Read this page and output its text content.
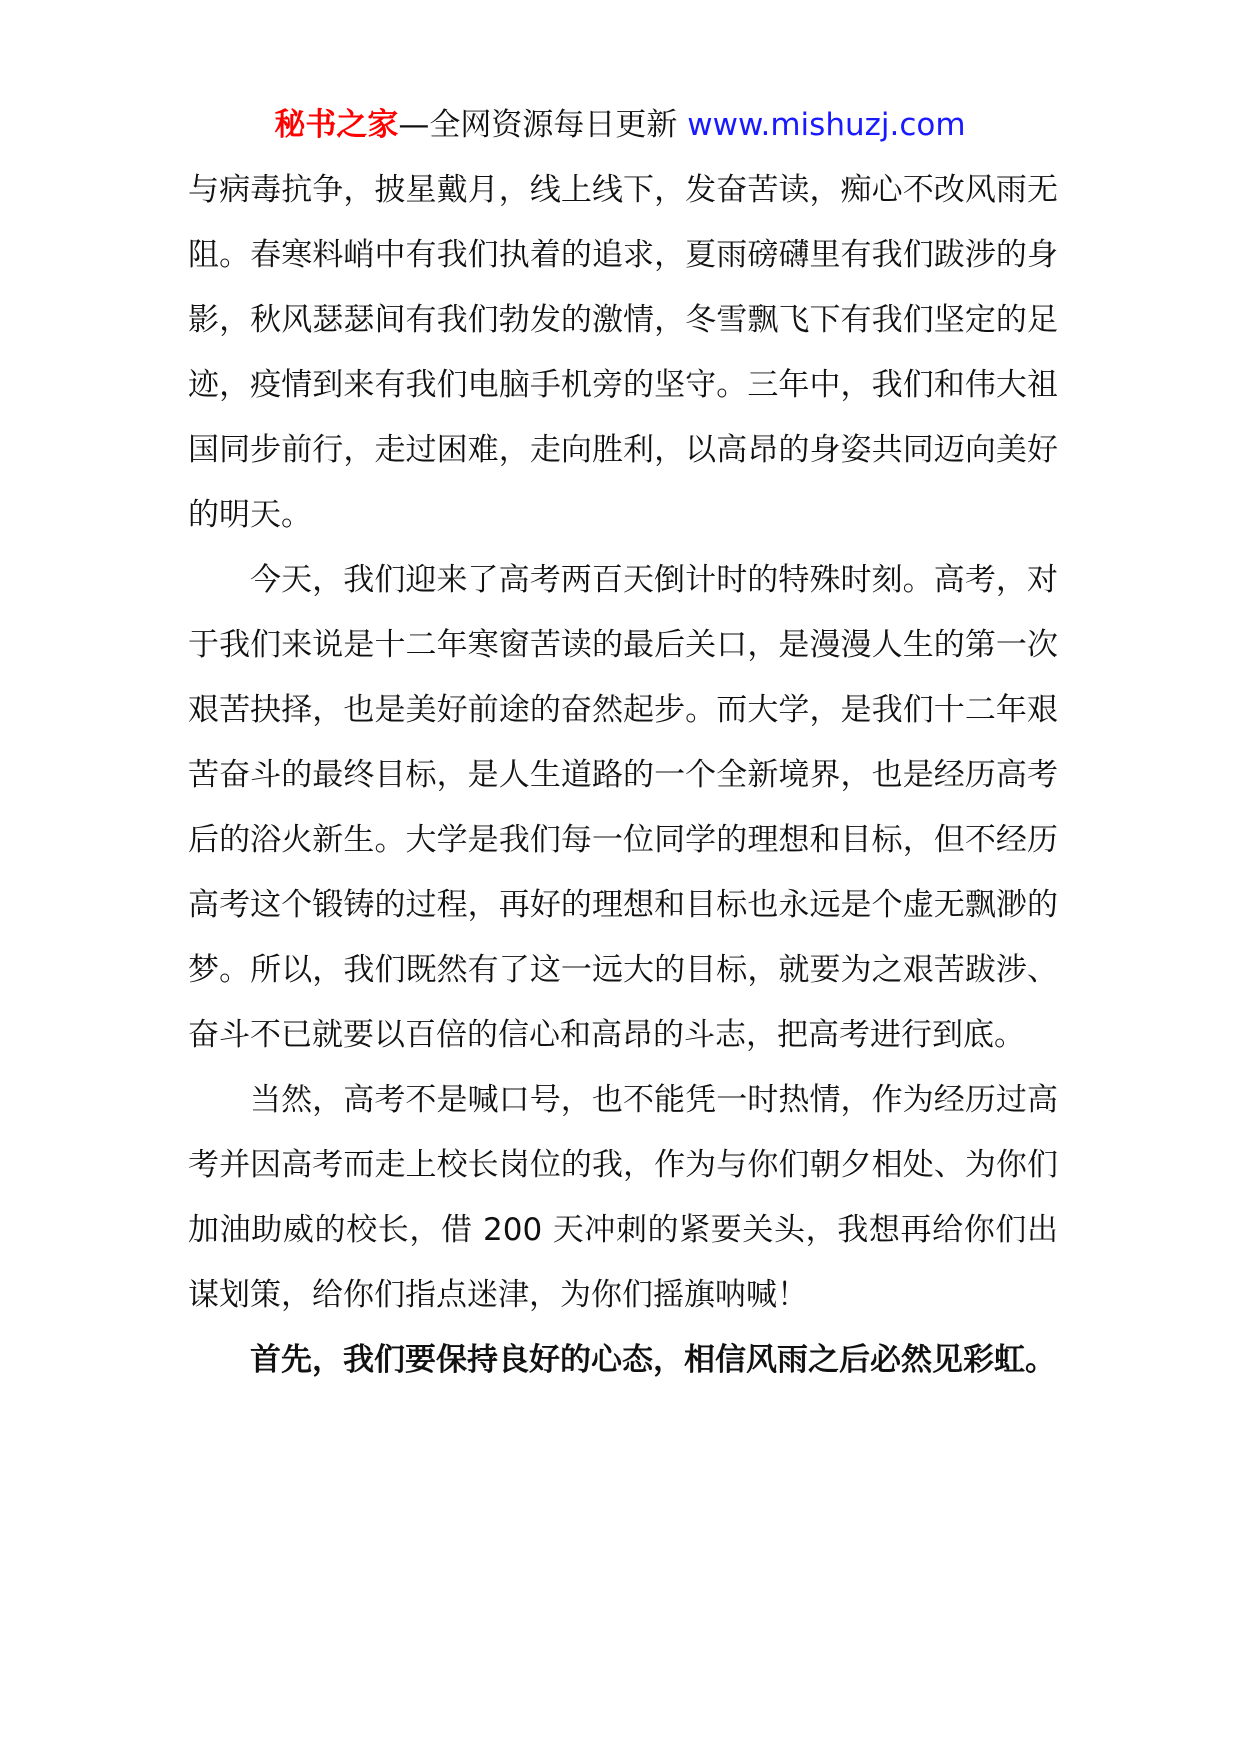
秘书之家—全网资源每日更新 www.mishuzj.com

与病毒抗争，披星戴月，线上线下，发奋苦读，痴心不改风雨无阻。春寒料峭中有我们执着的追求，夏雨磅礴里有我们跋涉的身影，秋风瑟瑟间有我们勃发的激情，冬雪飘飞下有我们坚定的足迹，疫情到来有我们电脑手机旁的坚守。三年中，我们和伟大祖国同步前行，走过困难，走向胜利，以高昂的身姿共同迈向美好的明天。

今天，我们迎来了高考两百天倒计时的特殊时刻。高考，对于我们来说是十二年寒窗苦读的最后关口，是漫漫人生的第一次艰苦抉择，也是美好前途的奋然起步。而大学，是我们十二年艰苦奋斗的最终目标，是人生道路的一个全新境界，也是经历高考后的浴火新生。大学是我们每一位同学的理想和目标，但不经历高考这个锻铸的过程，再好的理想和目标也永远是个虚无飘渺的梦。所以，我们既然有了这一远大的目标，就要为之艰苦跋涉、奋斗不已就要以百倍的信心和高昂的斗志，把高考进行到底。

当然，高考不是喊口号，也不能凭一时热情，作为经历过高考并因高考而走上校长岗位的我，作为与你们朝夕相处、为你们加油助威的校长，借 200 天冲刺的紧要关头，我想再给你们出谋划策，给你们指点迷津，为你们摇旗呐喊！

首先，我们要保持良好的心态，相信风雨之后必然见彩虹。
